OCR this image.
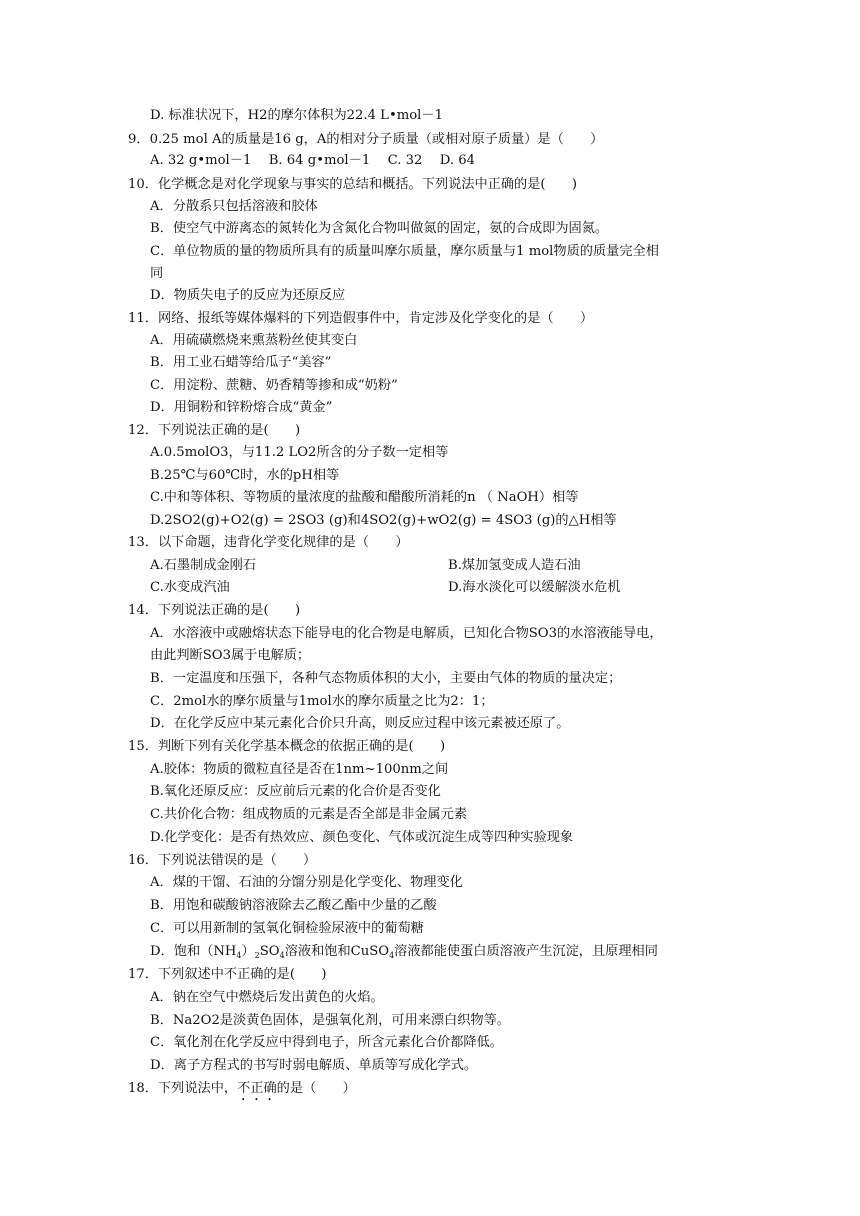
D. 标准状况下，H2的摩尔体积为22.4 L•mol－1
9．0.25 mol A的质量是16 g，A的相对分子质量（或相对原子质量）是（　　）
A. 32 g•mol－1　 B. 64 g•mol－1　 C. 32　 D. 64
10．化学概念是对化学现象与事实的总结和概括。下列说法中正确的是(　　)
A．分散系只包括溶液和胶体
B．使空气中游离态的氮转化为含氮化合物叫做氮的固定，氨的合成即为固氮。
C．单位物质的量的物质所具有的质量叫摩尔质量，摩尔质量与1 mol物质的质量完全相
同
D．物质失电子的反应为还原反应
11．网络、报纸等媒体爆料的下列造假事件中，肯定涉及化学变化的是（　　）
A．用硫磺燃烧来熏蒸粉丝使其变白
B．用工业石蜡等给瓜子“美容”
C．用淀粉、蔗糖、奶香精等掺和成“奶粉”
D．用铜粉和锌粉熔合成“黄金”
12．下列说法正确的是(　　)
A.0.5molO3，与11.2 LO2所含的分子数一定相等
B.25℃与60℃时，水的pH相等
C.中和等体积、等物质的量浓度的盐酸和醋酸所消耗的n （ NaOH）相等
D.2SO2(g)+O2(g) = 2SO3 (g)和4SO2(g)+wO2(g) = 4SO3 (g)的△H相等
13．以下命题，违背化学变化规律的是（　　）
A.石墨制成金刚石	B.煤加氢变成人造石油
C.水变成汽油	D.海水淡化可以缓解淡水危机
14．下列说法正确的是(　　)
A．水溶液中或融熔状态下能导电的化合物是电解质，已知化合物SO3的水溶液能导电，
由此判断SO3属于电解质；
B．一定温度和压强下，各种气态物质体积的大小，主要由气体的物质的量决定；
C．2mol水的摩尔质量与1mol水的摩尔质量之比为2：1；
D．在化学反应中某元素化合价只升高，则反应过程中该元素被还原了。
15．判断下列有关化学基本概念的依据正确的是(　　)
A.胶体：物质的微粒直径是否在1nm~100nm之间
B.氧化还原反应：反应前后元素的化合价是否变化
C.共价化合物：组成物质的元素是否全部是非金属元素
D.化学变化：是否有热效应、颜色变化、气体或沉淀生成等四种实验现象
16．下列说法错误的是（　　）
A．煤的干馏、石油的分馏分别是化学变化、物理变化
B．用饱和碳酸钠溶液除去乙酸乙酯中少量的乙酸
C．可以用新制的氢氧化铜检验尿液中的葡萄糖
D．饱和$(NH_4)_2SO_4$溶液和饱和CuSO$_4$溶液都能使蛋白质溶液产生沉淀，且原理相同
17．下列叙述中不正确的是(　　)
A．钠在空气中燃烧后发出黄色的火焰。
B．Na2O2是淡黄色固体，是强氧化剂，可用来漂白织物等。
C．氧化剂在化学反应中得到电子，所含元素化合价都降低。
D．离子方程式的书写时弱电解质、单质等写成化学式。
18．下列说法中，不正确的是（　　）
